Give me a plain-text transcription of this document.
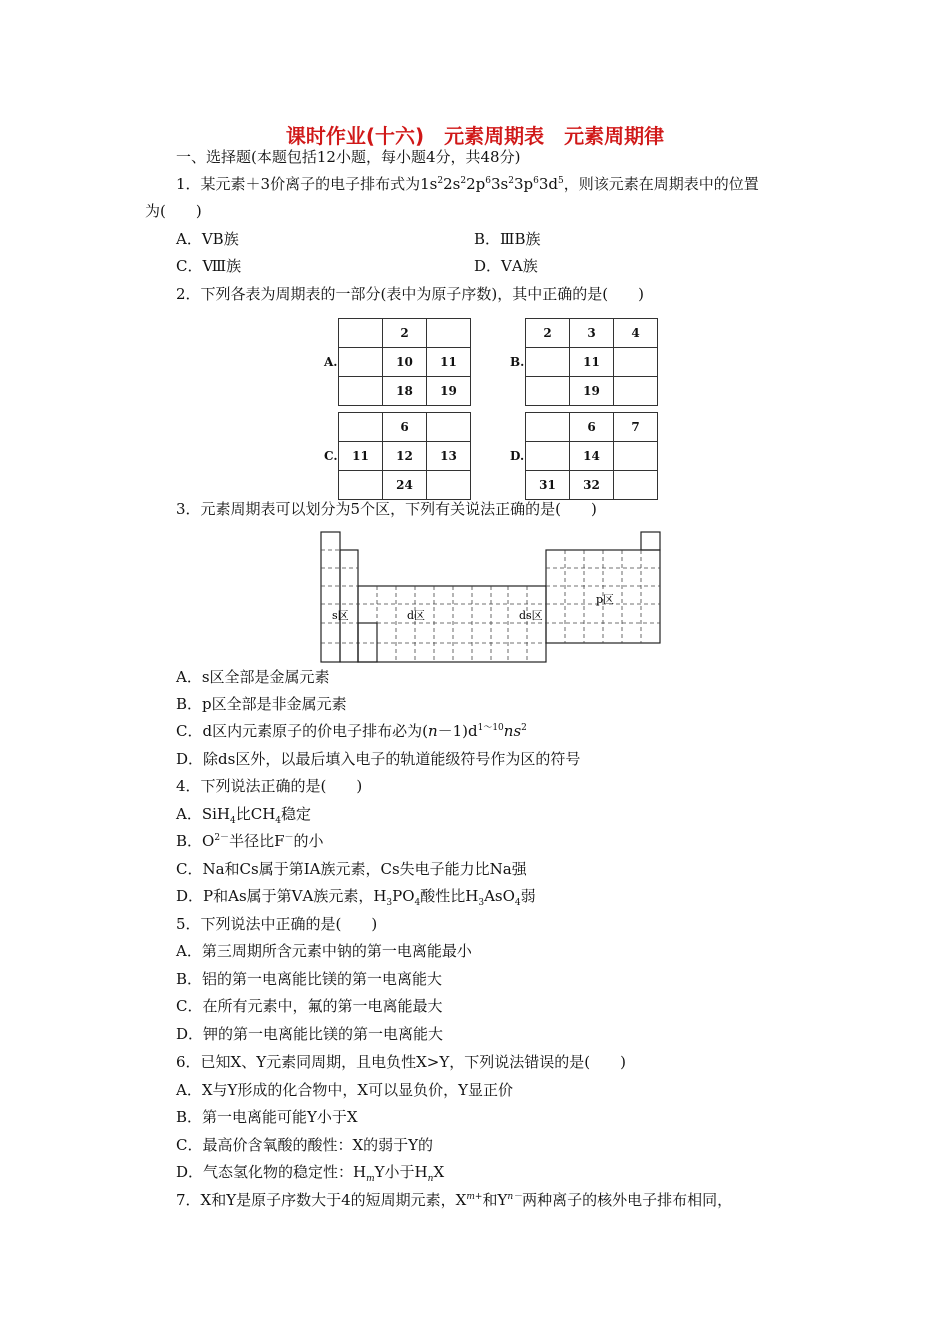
课时作业(十六)　元素周期表　元素周期律
一、选择题(本题包括12小题，每小题4分，共48分)
1．某元素＋3价离子的电子排布式为$1s^22s^22p^63s^23p^63d^5$，则该元素在周期表中的位置
为(　　)
A．ⅤB族	B．ⅢB族
C．Ⅷ族	D．ⅤA族
2．下列各表为周期表的一部分(表中为原子序数)，其中正确的是(　　)
A.
	2	
	10	11
	18	19
B.
2	3	4
	11	
	19	
C.
	6	
11	12	13
	24	
D.
	6	7
	14	
31	32	
3．元素周期表可以划分为5个区，下列有关说法正确的是(　　)
s区	d区	ds区
p区
A．s区全部是金属元素
B．p区全部是非金属元素
C．d区内元素原子的价电子排布必为$(n-1)d^{1\sim 10}ns^2$
D．除ds区外，以最后填入电子的轨道能级符号作为区的符号
4．下列说法正确的是(　　)
A．SiH$_4$比$CH_4$稳定
B．$O^{2-}$半径比F－的小
C．Na和Cs属于第ⅠA族元素，Cs失电子能力比Na强
D．P和As属于第ⅤA族元素，$H_3PO_4$酸性比$H_3AsO_4$弱
5．下列说法中正确的是(　　)
A．第三周期所含元素中钠的第一电离能最小
B．铝的第一电离能比镁的第一电离能大
C．在所有元素中，氟的第一电离能最大
D．钾的第一电离能比镁的第一电离能大
6．已知X、Y元素同周期，且电负性X>Y，下列说法错误的是(　　)
A．X与Y形成的化合物中，X可以显负价，Y显正价
B．第一电离能可能Y小于X
C．最高价含氧酸的酸性：X的弱于Y的
D．气态氢化物的稳定性：$H_mY$小于$H_nX$
7．X和Y是原子序数大于4的短周期元素，$X^{m+}$和$Y^{n-}$两种离子的核外电子排布相同，
